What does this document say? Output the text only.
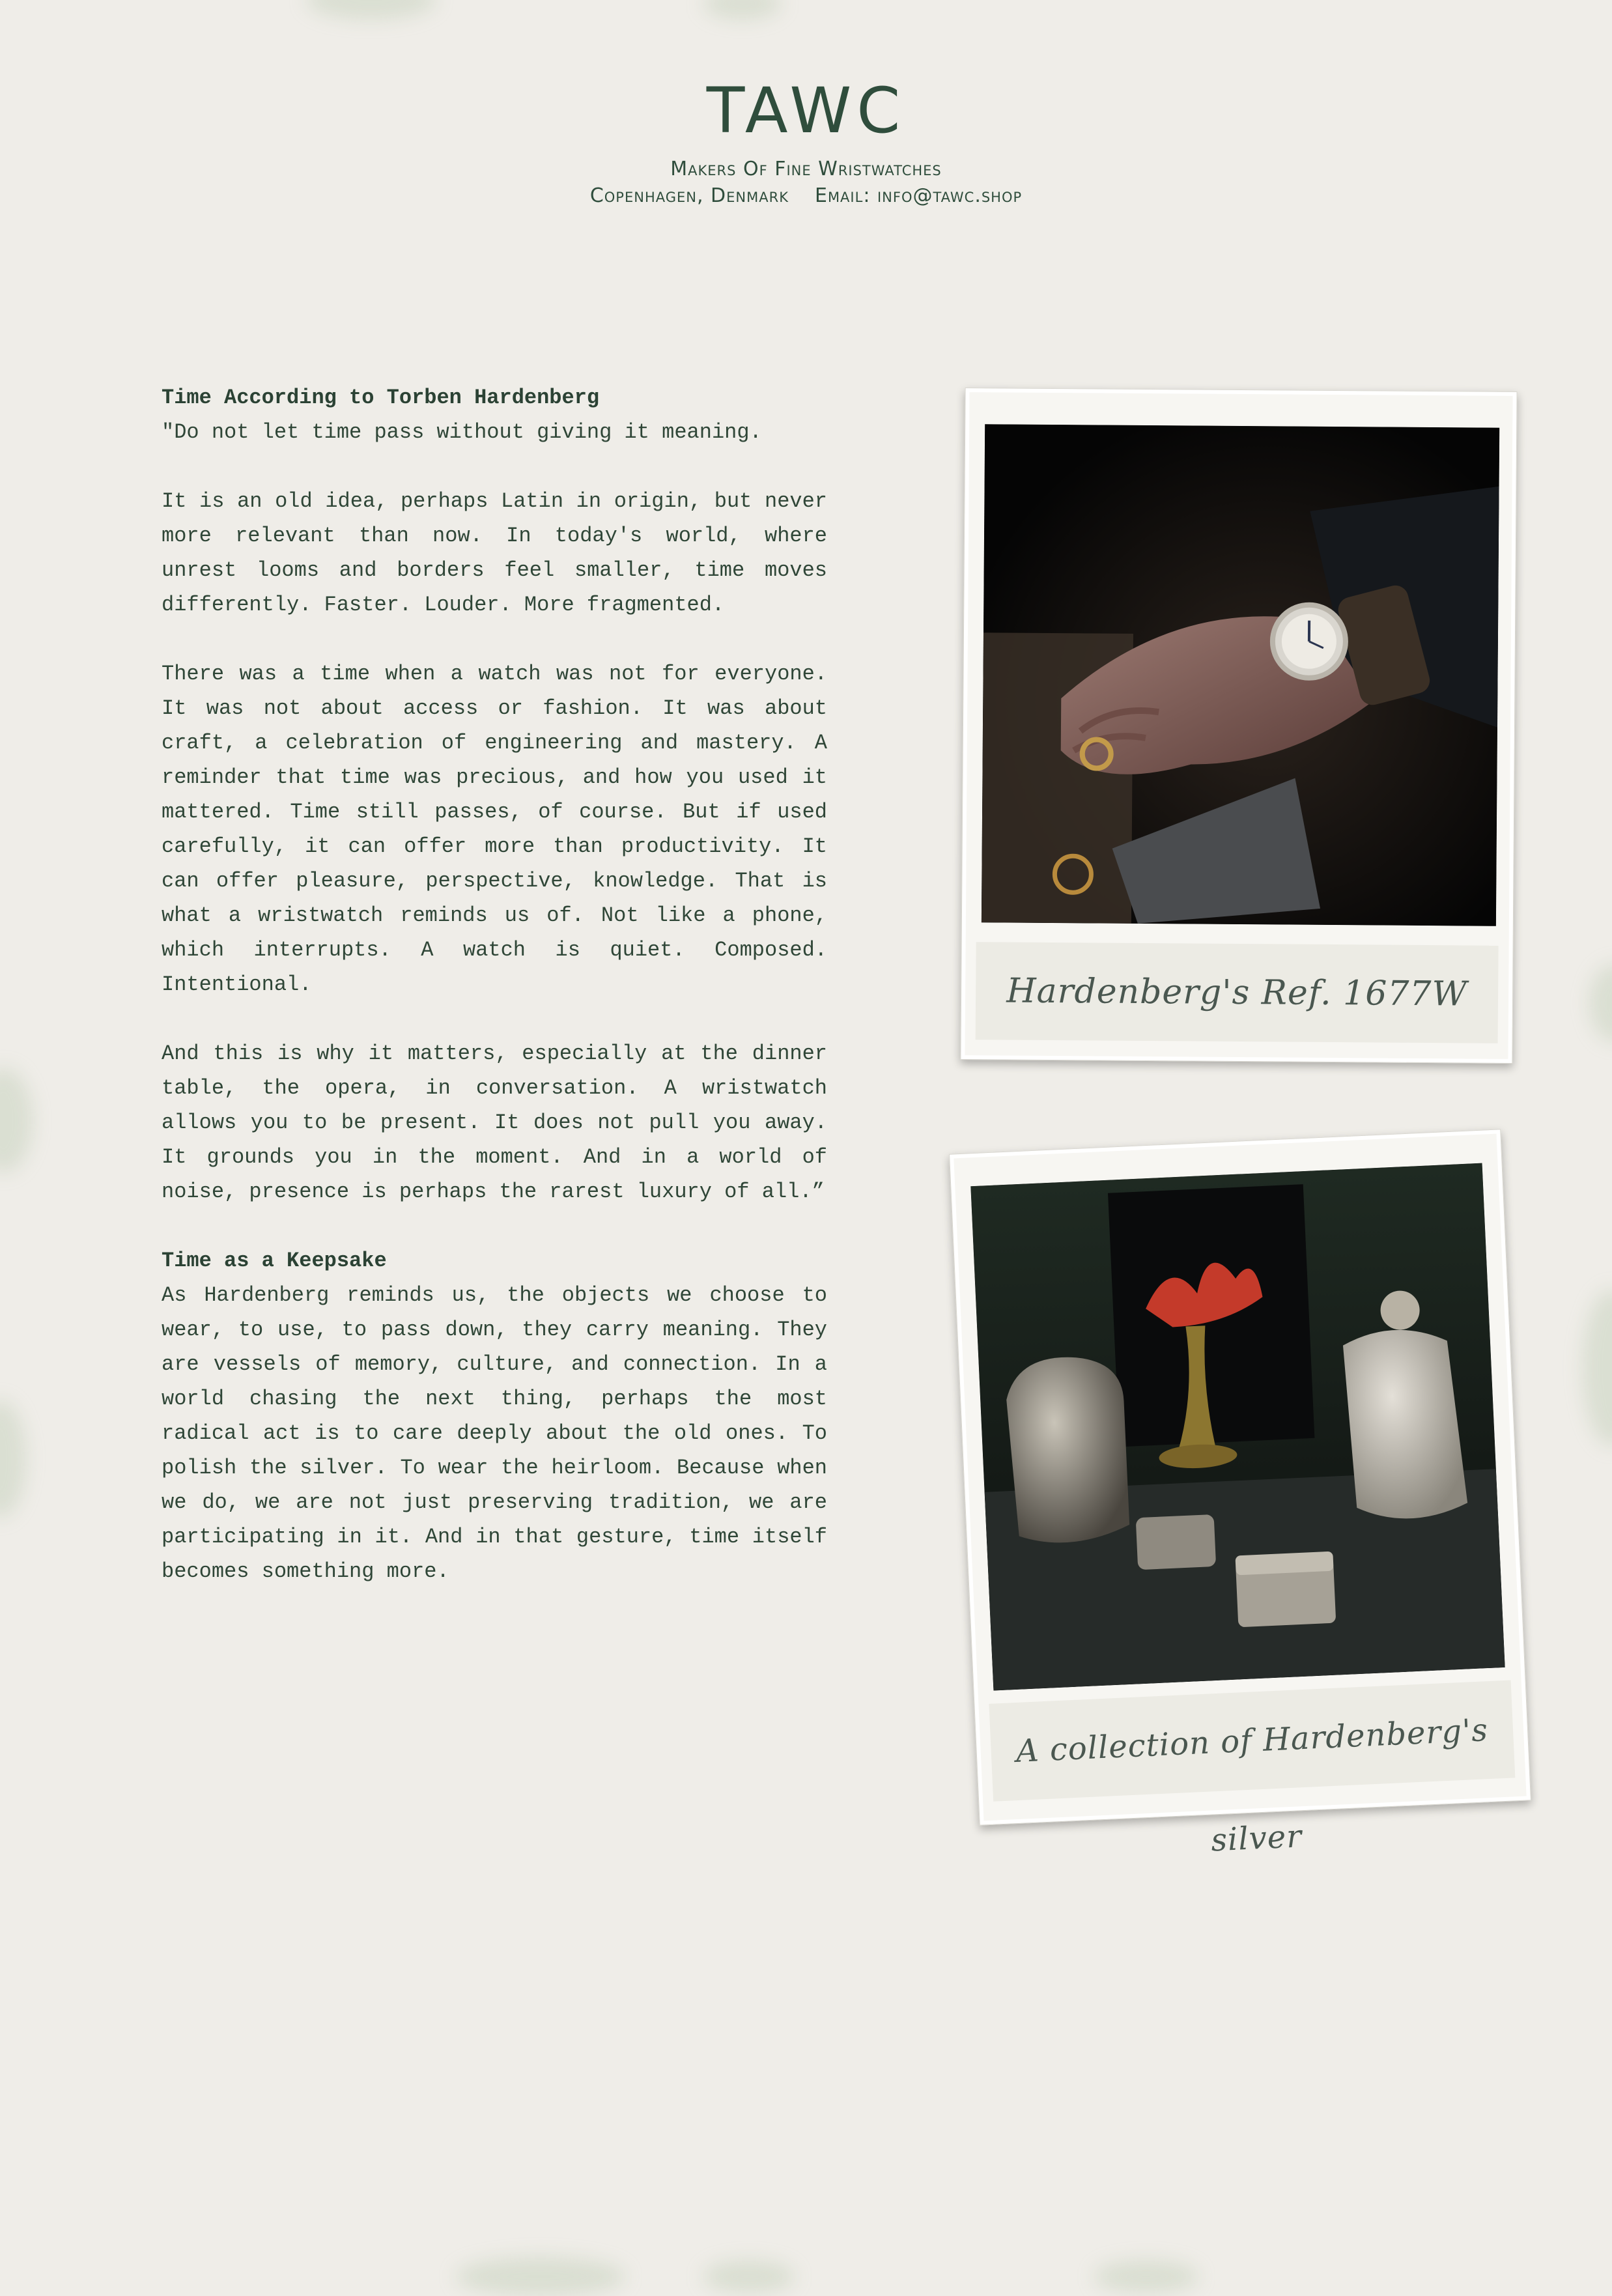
TAWC
Makers Of Fine Wristwatches
Copenhagen, Denmark Email: info@tawc.shop
Time According to Torben Hardenberg

"Do not let time pass without giving it meaning.

It is an old idea, perhaps Latin in origin, but never more relevant than now. In today's world, where unrest looms and borders feel smaller, time moves differently. Faster. Louder. More fragmented.

There was a time when a watch was not for everyone. It was not about access or fashion. It was about craft, a celebration of engineering and mastery. A reminder that time was precious, and how you used it mattered. Time still passes, of course. But if used carefully, it can offer more than productivity. It can offer pleasure, perspective, knowledge. That is what a wristwatch reminds us of. Not like a phone, which interrupts. A watch is quiet. Composed. Intentional.

And this is why it matters, especially at the dinner table, the opera, in conversation. A wristwatch allows you to be present. It does not pull you away. It grounds you in the moment. And in a world of noise, presence is perhaps the rarest luxury of all.”

Time as a Keepsake

As Hardenberg reminds us, the objects we choose to wear, to use, to pass down, they carry meaning. They are vessels of memory, culture, and connection. In a world chasing the next thing, perhaps the most radical act is to care deeply about the old ones. To polish the silver. To wear the heirloom. Because when we do, we are not just preserving tradition, we are participating in it. And in that gesture, time itself becomes something more.

Hardenberg's Ref. 1677W
A collection of Hardenberg's silver
